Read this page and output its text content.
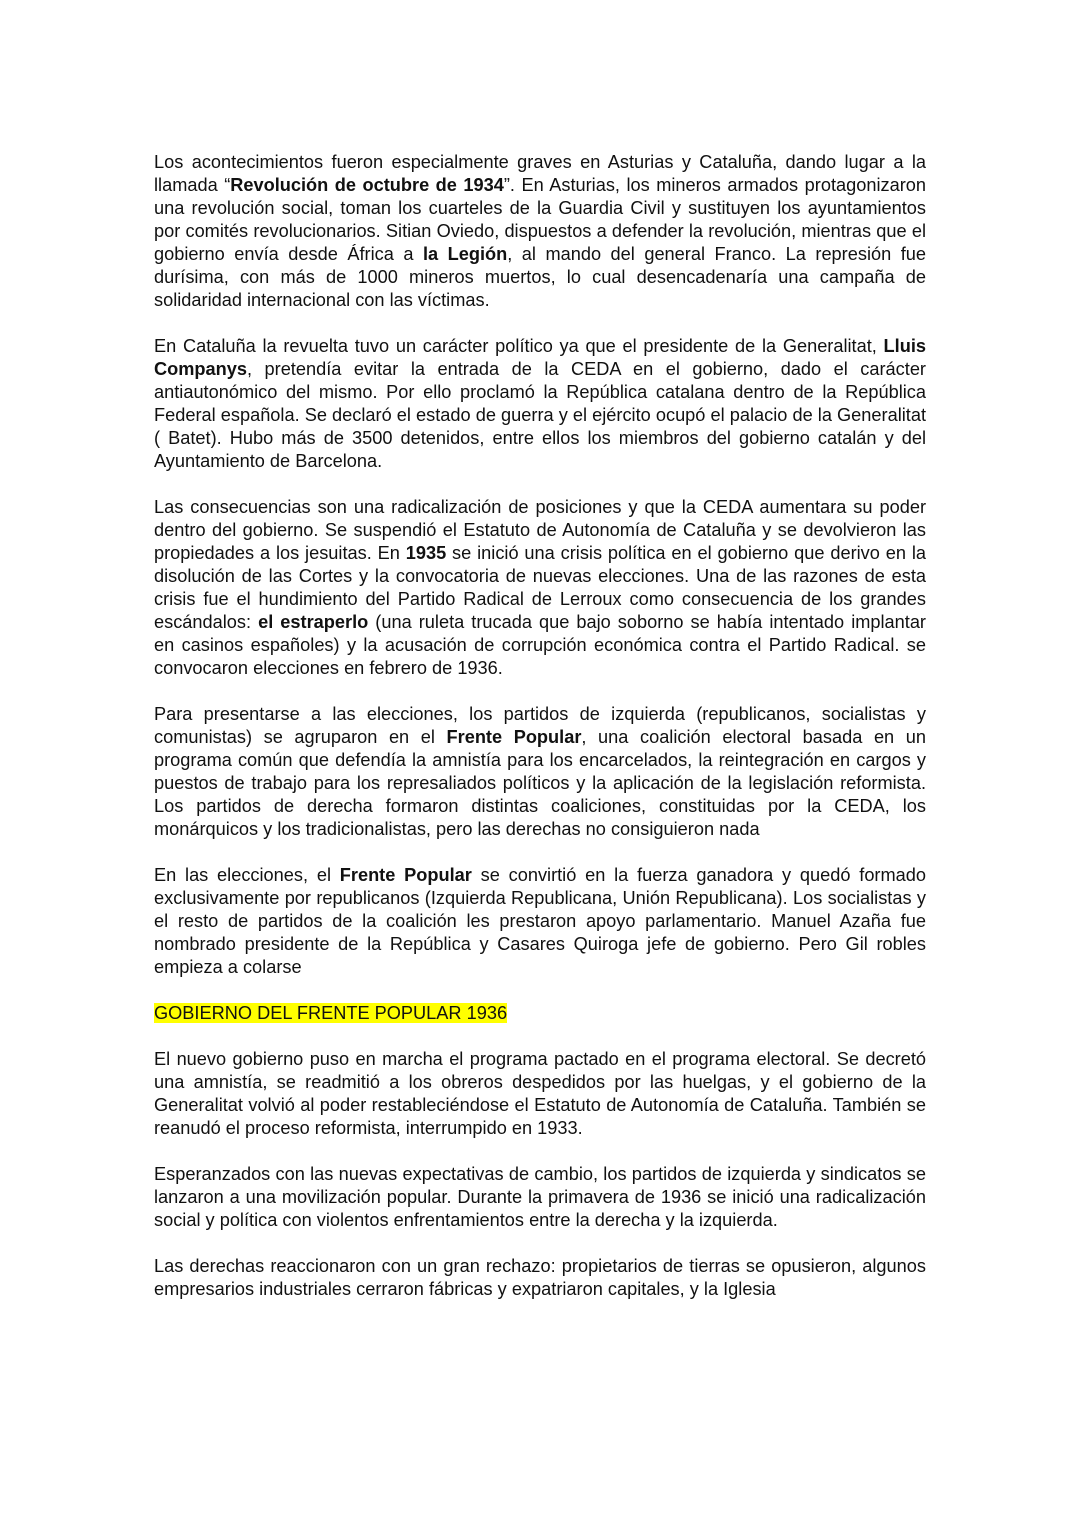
Los acontecimientos fueron especialmente graves en Asturias y Cataluña, dando lugar a la llamada “Revolución de octubre de 1934”. En Asturias, los mineros armados protagonizaron una revolución social, toman los cuarteles de la Guardia Civil y sustituyen los ayuntamientos por comités revolucionarios. Sitian Oviedo, dispuestos a defender la revolución, mientras que el gobierno envía desde África a la Legión, al mando del general Franco. La represión fue durísima, con más de 1000 mineros muertos, lo cual desencadenaría una campaña de solidaridad internacional con las víctimas.

En Cataluña la revuelta tuvo un carácter político ya que el presidente de la Generalitat, Lluis Companys, pretendía evitar la entrada de la CEDA en el gobierno, dado el carácter antiautonómico del mismo. Por ello proclamó la República catalana dentro de la República Federal española. Se declaró el estado de guerra y el ejército ocupó el palacio de la Generalitat ( Batet). Hubo más de 3500 detenidos, entre ellos los miembros del gobierno catalán y del Ayuntamiento de Barcelona.

Las consecuencias son una radicalización de posiciones y que la CEDA aumentara su poder dentro del gobierno. Se suspendió el Estatuto de Autonomía de Cataluña y se devolvieron las propiedades a los jesuitas. En 1935 se inició una crisis política en el gobierno que derivo en la disolución de las Cortes y la convocatoria de nuevas elecciones. Una de las razones de esta crisis fue el hundimiento del Partido Radical de Lerroux como consecuencia de los grandes escándalos: el estraperlo (una ruleta trucada que bajo soborno se había intentado implantar en casinos españoles) y la acusación de corrupción económica contra el Partido Radical. se convocaron elecciones en febrero de 1936.

Para presentarse a las elecciones, los partidos de izquierda (republicanos, socialistas y comunistas) se agruparon en el Frente Popular, una coalición electoral basada en un programa común que defendía la amnistía para los encarcelados, la reintegración en cargos y puestos de trabajo para los represaliados políticos y la aplicación de la legislación reformista. Los partidos de derecha formaron distintas coaliciones, constituidas por la CEDA, los monárquicos y los tradicionalistas, pero las derechas no consiguieron nada

En las elecciones, el Frente Popular se convirtió en la fuerza ganadora y quedó formado exclusivamente por republicanos (Izquierda Republicana, Unión Republicana). Los socialistas y el resto de partidos de la coalición les prestaron apoyo parlamentario. Manuel Azaña fue nombrado presidente de la República y Casares Quiroga jefe de gobierno. Pero Gil robles empieza a colarse

GOBIERNO DEL FRENTE POPULAR 1936

El nuevo gobierno puso en marcha el programa pactado en el programa electoral. Se decretó una amnistía, se readmitió a los obreros despedidos por las huelgas, y el gobierno de la Generalitat volvió al poder restableciéndose el Estatuto de Autonomía de Cataluña. También se reanudó el proceso reformista, interrumpido en 1933.

Esperanzados con las nuevas expectativas de cambio, los partidos de izquierda y sindicatos se lanzaron a una movilización popular. Durante la primavera de 1936 se inició una radicalización social y política con violentos enfrentamientos entre la derecha y la izquierda.

Las derechas reaccionaron con un gran rechazo: propietarios de tierras se opusieron, algunos empresarios industriales cerraron fábricas y expatriaron capitales, y la Iglesia
